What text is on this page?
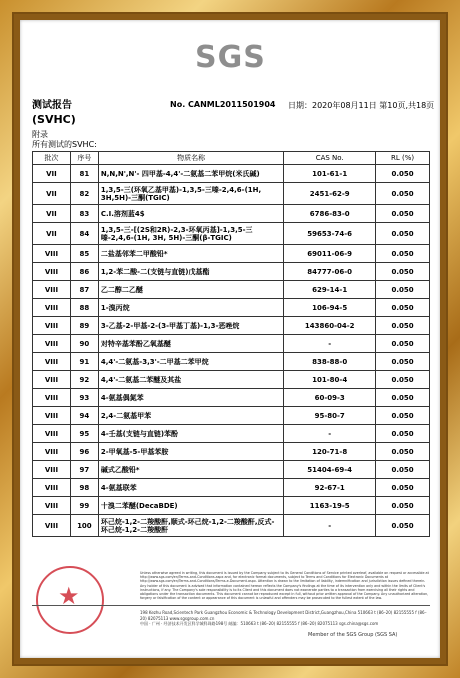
SGS
测试报告
(SVHC)
No. CANML2011501904 日期：2020年08月11日 第10页,共18页
附录
所有测试的SVHC:
批次	序号	物质名称	CAS No.	RL (%)
VII	81	N,N,N',N'- 四甲基-4,4'-二氨基二苯甲烷(米氏碱)	101-61-1	0.050
VII	82	1,3,5-三(环氧乙基甲基)-1,3,5-三嗪-2,4,6-(1H, 3H,5H)-三酮(TGIC)	2451-62-9	0.050
VII	83	C.I.溶剂蓝4$	6786-83-0	0.050
VII	84	1,3,5-三-[(2S和2R)-2,3-环氧丙基]-1,3,5-三嗪-2,4,6-(1H, 3H, 5H)-三酮(β-TGIC)	59653-74-6	0.050
VIII	85	二盐基邻苯二甲酸铅*	69011-06-9	0.050
VIII	86	1,2-苯二酸-二(支链与直链)戊基酯	84777-06-0	0.050
VIII	87	乙二醇二乙醚	629-14-1	0.050
VIII	88	1-溴丙烷	106-94-5	0.050
VIII	89	3-乙基-2-甲基-2-(3-甲基丁基)-1,3-恶唑烷	143860-04-2	0.050
VIII	90	对特辛基苯酚乙氧基醚	-	0.050
VIII	91	4,4'-二氨基-3,3'-二甲基二苯甲烷	838-88-0	0.050
VIII	92	4,4'-二氨基二苯醚及其盐	101-80-4	0.050
VIII	93	4-氨基偶氮苯	60-09-3	0.050
VIII	94	2,4-二氨基甲苯	95-80-7	0.050
VIII	95	4-壬基(支链与直链)苯酚	-	0.050
VIII	96	2-甲氧基-5-甲基苯胺	120-71-8	0.050
VIII	97	碱式乙酸铅*	51404-69-4	0.050
VIII	98	4-氨基联苯	92-67-1	0.050
VIII	99	十溴二苯醚(DecaBDE)	1163-19-5	0.050
VIII	100	环己烷-1,2-二羧酸酐,顺式-环己烷-1,2-二羧酸酐,反式-环己烷-1,2-二羧酸酐	-	0.050
★
Unless otherwise agreed in writing, this document is issued by the Company subject to its General Conditions of Service printed overleaf, available on request or accessible at http://www.sgs.com/en/Terms-and-Conditions.aspx and, for electronic format documents, subject to Terms and Conditions for Electronic Documents at http://www.sgs.com/en/Terms-and-Conditions/Terms-e-Document.aspx. Attention is drawn to the limitation of liability, indemnification and jurisdiction issues defined therein. Any holder of this document is advised that information contained hereon reflects the Company's findings at the time of its intervention only and within the limits of Client's instructions, if any. The Company's sole responsibility is to its Client and this document does not exonerate parties to a transaction from exercising all their rights and obligations under the transaction documents. This document cannot be reproduced except in full, without prior written approval of the Company. Any unauthorized alteration, forgery or falsification of the content or appearance of this document is unlawful and offenders may be prosecuted to the fullest extent of the law.
198 Kezhu Road,Scientech Park Guangzhou Economic & Technology Development District,Guangzhou,China 510663 t (86–20) 82155555 f (86–20) 82075113 www.sgsgroup.com.cn
中国 · 广州 · 经济技术开发区科学城科珠路198号 邮编：510663 t (86–20) 82155555 f (86–20) 82075113 sgs.china@sgs.com
Member of the SGS Group (SGS SA)
